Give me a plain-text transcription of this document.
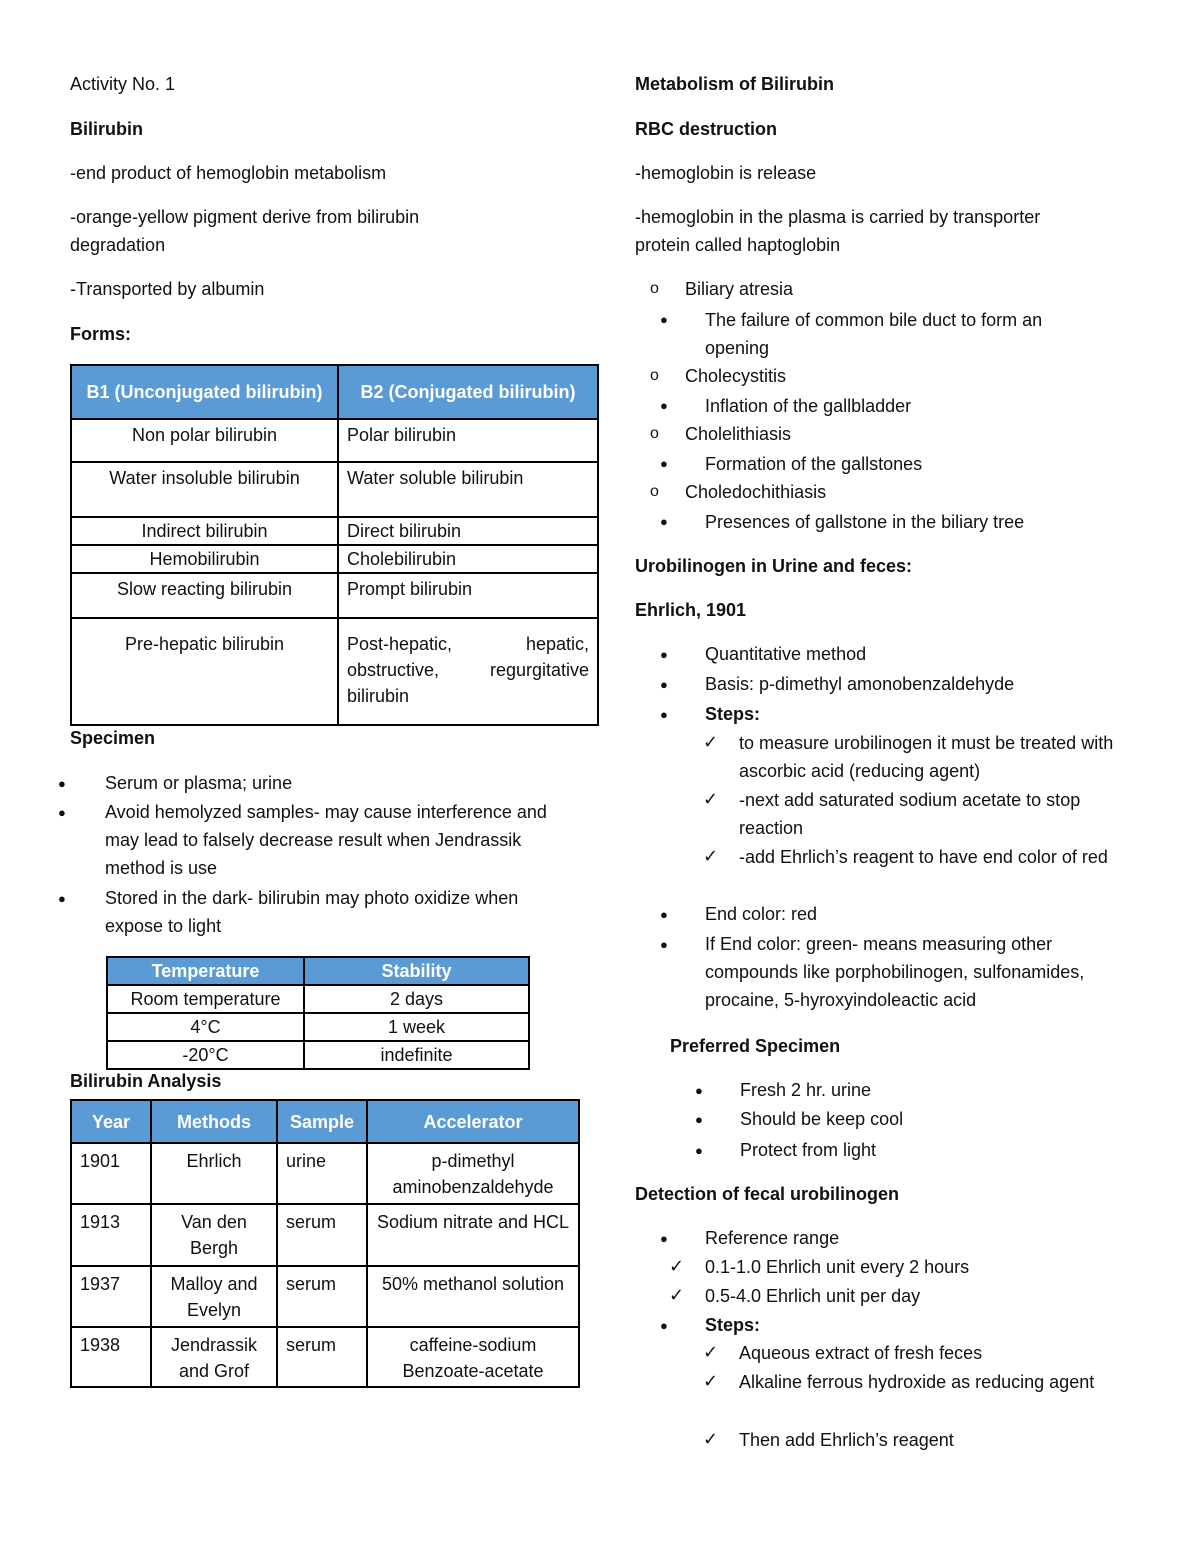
Activity No. 1

Bilirubin

-end product of hemoglobin metabolism

-orange-yellow pigment derive from bilirubin

degradation

-Transported by albumin

Forms:

B1 (Unconjugated bilirubin)	B2 (Conjugated bilirubin)
Non polar bilirubin	Polar bilirubin
Water insoluble bilirubin	Water soluble bilirubin
Indirect bilirubin	Direct bilirubin
Hemobilirubin	Cholebilirubin
Slow reacting bilirubin	Prompt bilirubin
Pre-hepatic bilirubin	Post-hepatic, hepatic, obstructive, regurgitative bilirubin

Specimen

● Serum or plasma; urine

● Avoid hemolyzed samples- may cause interference and may lead to falsely decrease result when Jendrassik method is use

● Stored in the dark- bilirubin may photo oxidize when expose to light

Temperature	Stability
Room temperature	2 days
4°C	1 week
-20°C	indefinite

Bilirubin Analysis

Year	Methods	Sample	Accelerator
1901	Ehrlich	urine	p-dimethyl aminobenzaldehyde
1913	Van den Bergh	serum	Sodium nitrate and HCL
1937	Malloy and Evelyn	serum	50% methanol solution
1938	Jendrassik and Grof	serum	caffeine-sodium Benzoate-acetate

Metabolism of Bilirubin

RBC destruction

-hemoglobin is release

-hemoglobin in the plasma is carried by transporter

protein called haptoglobin

o Biliary atresia

● The failure of common bile duct to form an opening

o Cholecystitis

● Inflation of the gallbladder

o Cholelithiasis

● Formation of the gallstones

o Choledochithiasis

● Presences of gallstone in the biliary tree

Urobilinogen in Urine and feces:

Ehrlich, 1901

● Quantitative method

● Basis: p-dimethyl amonobenzaldehyde

● Steps:

✓ to measure urobilinogen it must be treated with ascorbic acid (reducing agent)

✓ -next add saturated sodium acetate to stop reaction

✓ -add Ehrlich’s reagent to have end color of red

● End color: red

● If End color: green- means measuring other compounds like porphobilinogen, sulfonamides, procaine, 5-hyroxyindoleactic acid

Preferred Specimen

● Fresh 2 hr. urine

● Should be keep cool

● Protect from light

Detection of fecal urobilinogen

● Reference range

✓ 0.1-1.0 Ehrlich unit every 2 hours

✓ 0.5-4.0 Ehrlich unit per day

● Steps:

✓ Aqueous extract of fresh feces

✓ Alkaline ferrous hydroxide as reducing agent

✓ Then add Ehrlich’s reagent
